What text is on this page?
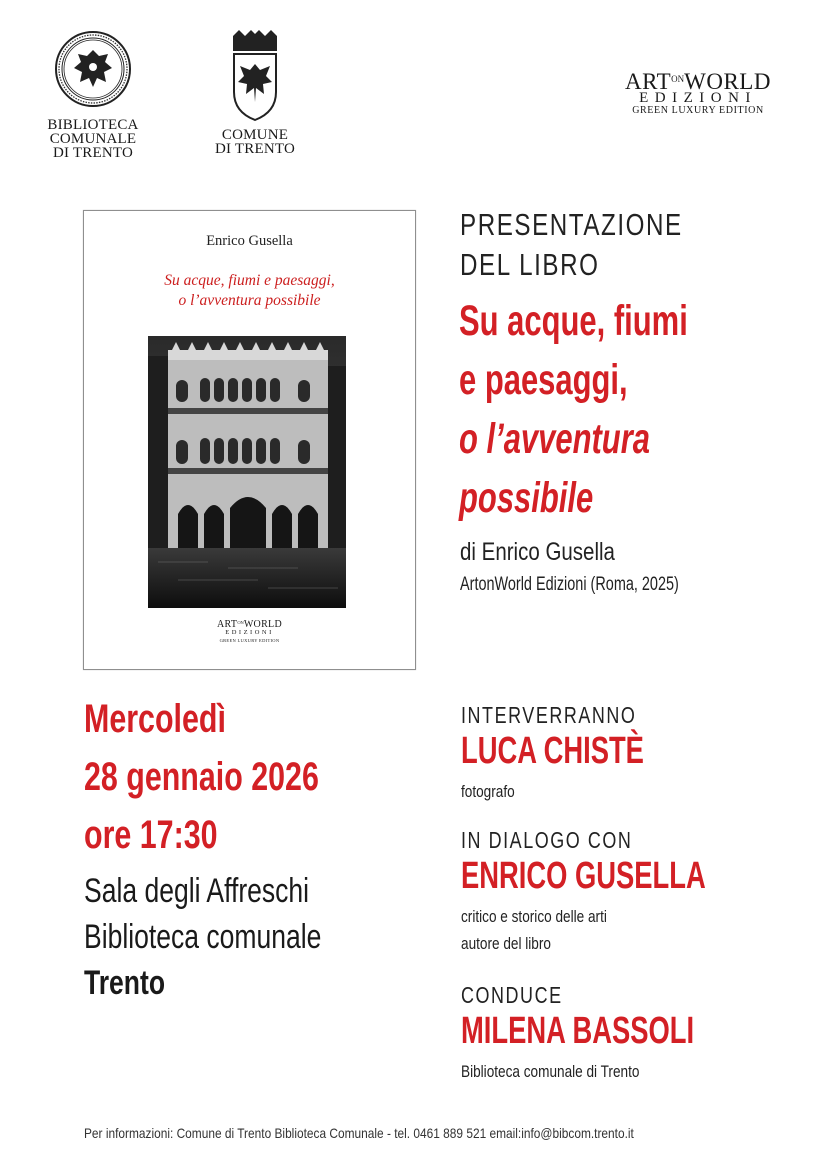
BIBLIOTECA
COMUNALE
DI TRENTO
COMUNE
DI TRENTO
$ART^{ON}WORLD$
EDIZIONI
GREEN LUXURY EDITION
Enrico Gusella
Su acque, fiumi e paesaggi,
o l’avventura possibile
$ART^{ON}WORLD$
EDIZIONI
GREEN LUXURY EDITION
PRESENTAZIONE
DEL LIBRO
Su acque, fiumi
e paesaggi,
o l’avventura
possibile
di Enrico Gusella
ArtonWorld Edizioni (Roma, 2025)
Mercoledì
28 gennaio 2026
ore 17:30
Sala degli Affreschi
Biblioteca comunale
Trento
INTERVERRANNO
LUCA CHISTÈ
fotografo
IN DIALOGO CON
ENRICO GUSELLA
critico e storico delle arti
autore del libro
CONDUCE
MILENA BASSOLI
Biblioteca comunale di Trento
Per informazioni: Comune di Trento Biblioteca Comunale - tel. 0461 889 521 email:info@bibcom.trento.it
